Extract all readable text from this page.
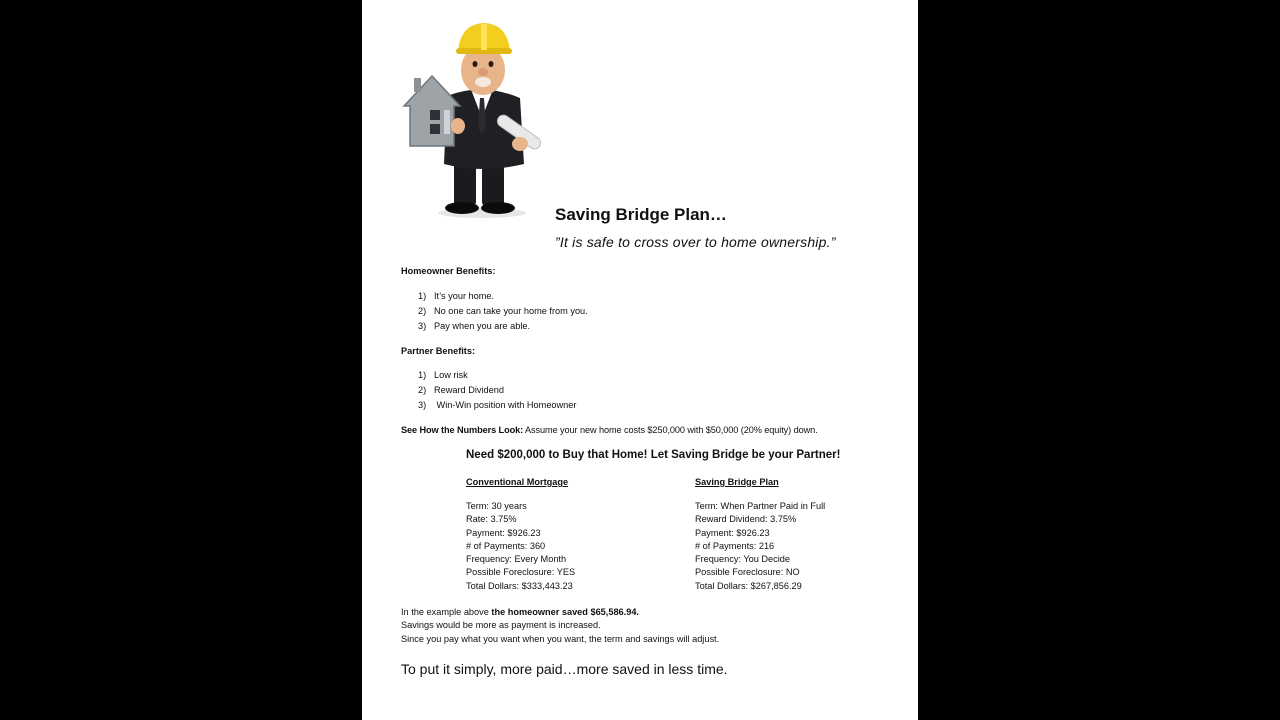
Saving Bridge Plan…
”It is safe to cross over to home ownership.”
Homeowner Benefits:
1) It’s your home.
2) No one can take your home from you.
3) Pay when you are able.
Partner Benefits:
1) Low risk
2) Reward Dividend
3) Win-Win position with Homeowner
See How the Numbers Look: Assume your new home costs $250,000 with $50,000 (20% equity) down.
Need $200,000 to Buy that Home! Let Saving Bridge be your Partner!
Conventional Mortgage
Term: 30 years
Rate: 3.75%
Payment: $926.23
# of Payments: 360
Frequency: Every Month
Possible Foreclosure: YES
Total Dollars: $333,443.23
Saving Bridge Plan
Term: When Partner Paid in Full
Reward Dividend: 3.75%
Payment: $926.23
# of Payments: 216
Frequency: You Decide
Possible Foreclosure: NO
Total Dollars: $267,856.29
In the example above the homeowner saved $65,586.94.
Savings would be more as payment is increased.
Since you pay what you want when you want, the term and savings will adjust.
To put it simply, more paid…more saved in less time.
